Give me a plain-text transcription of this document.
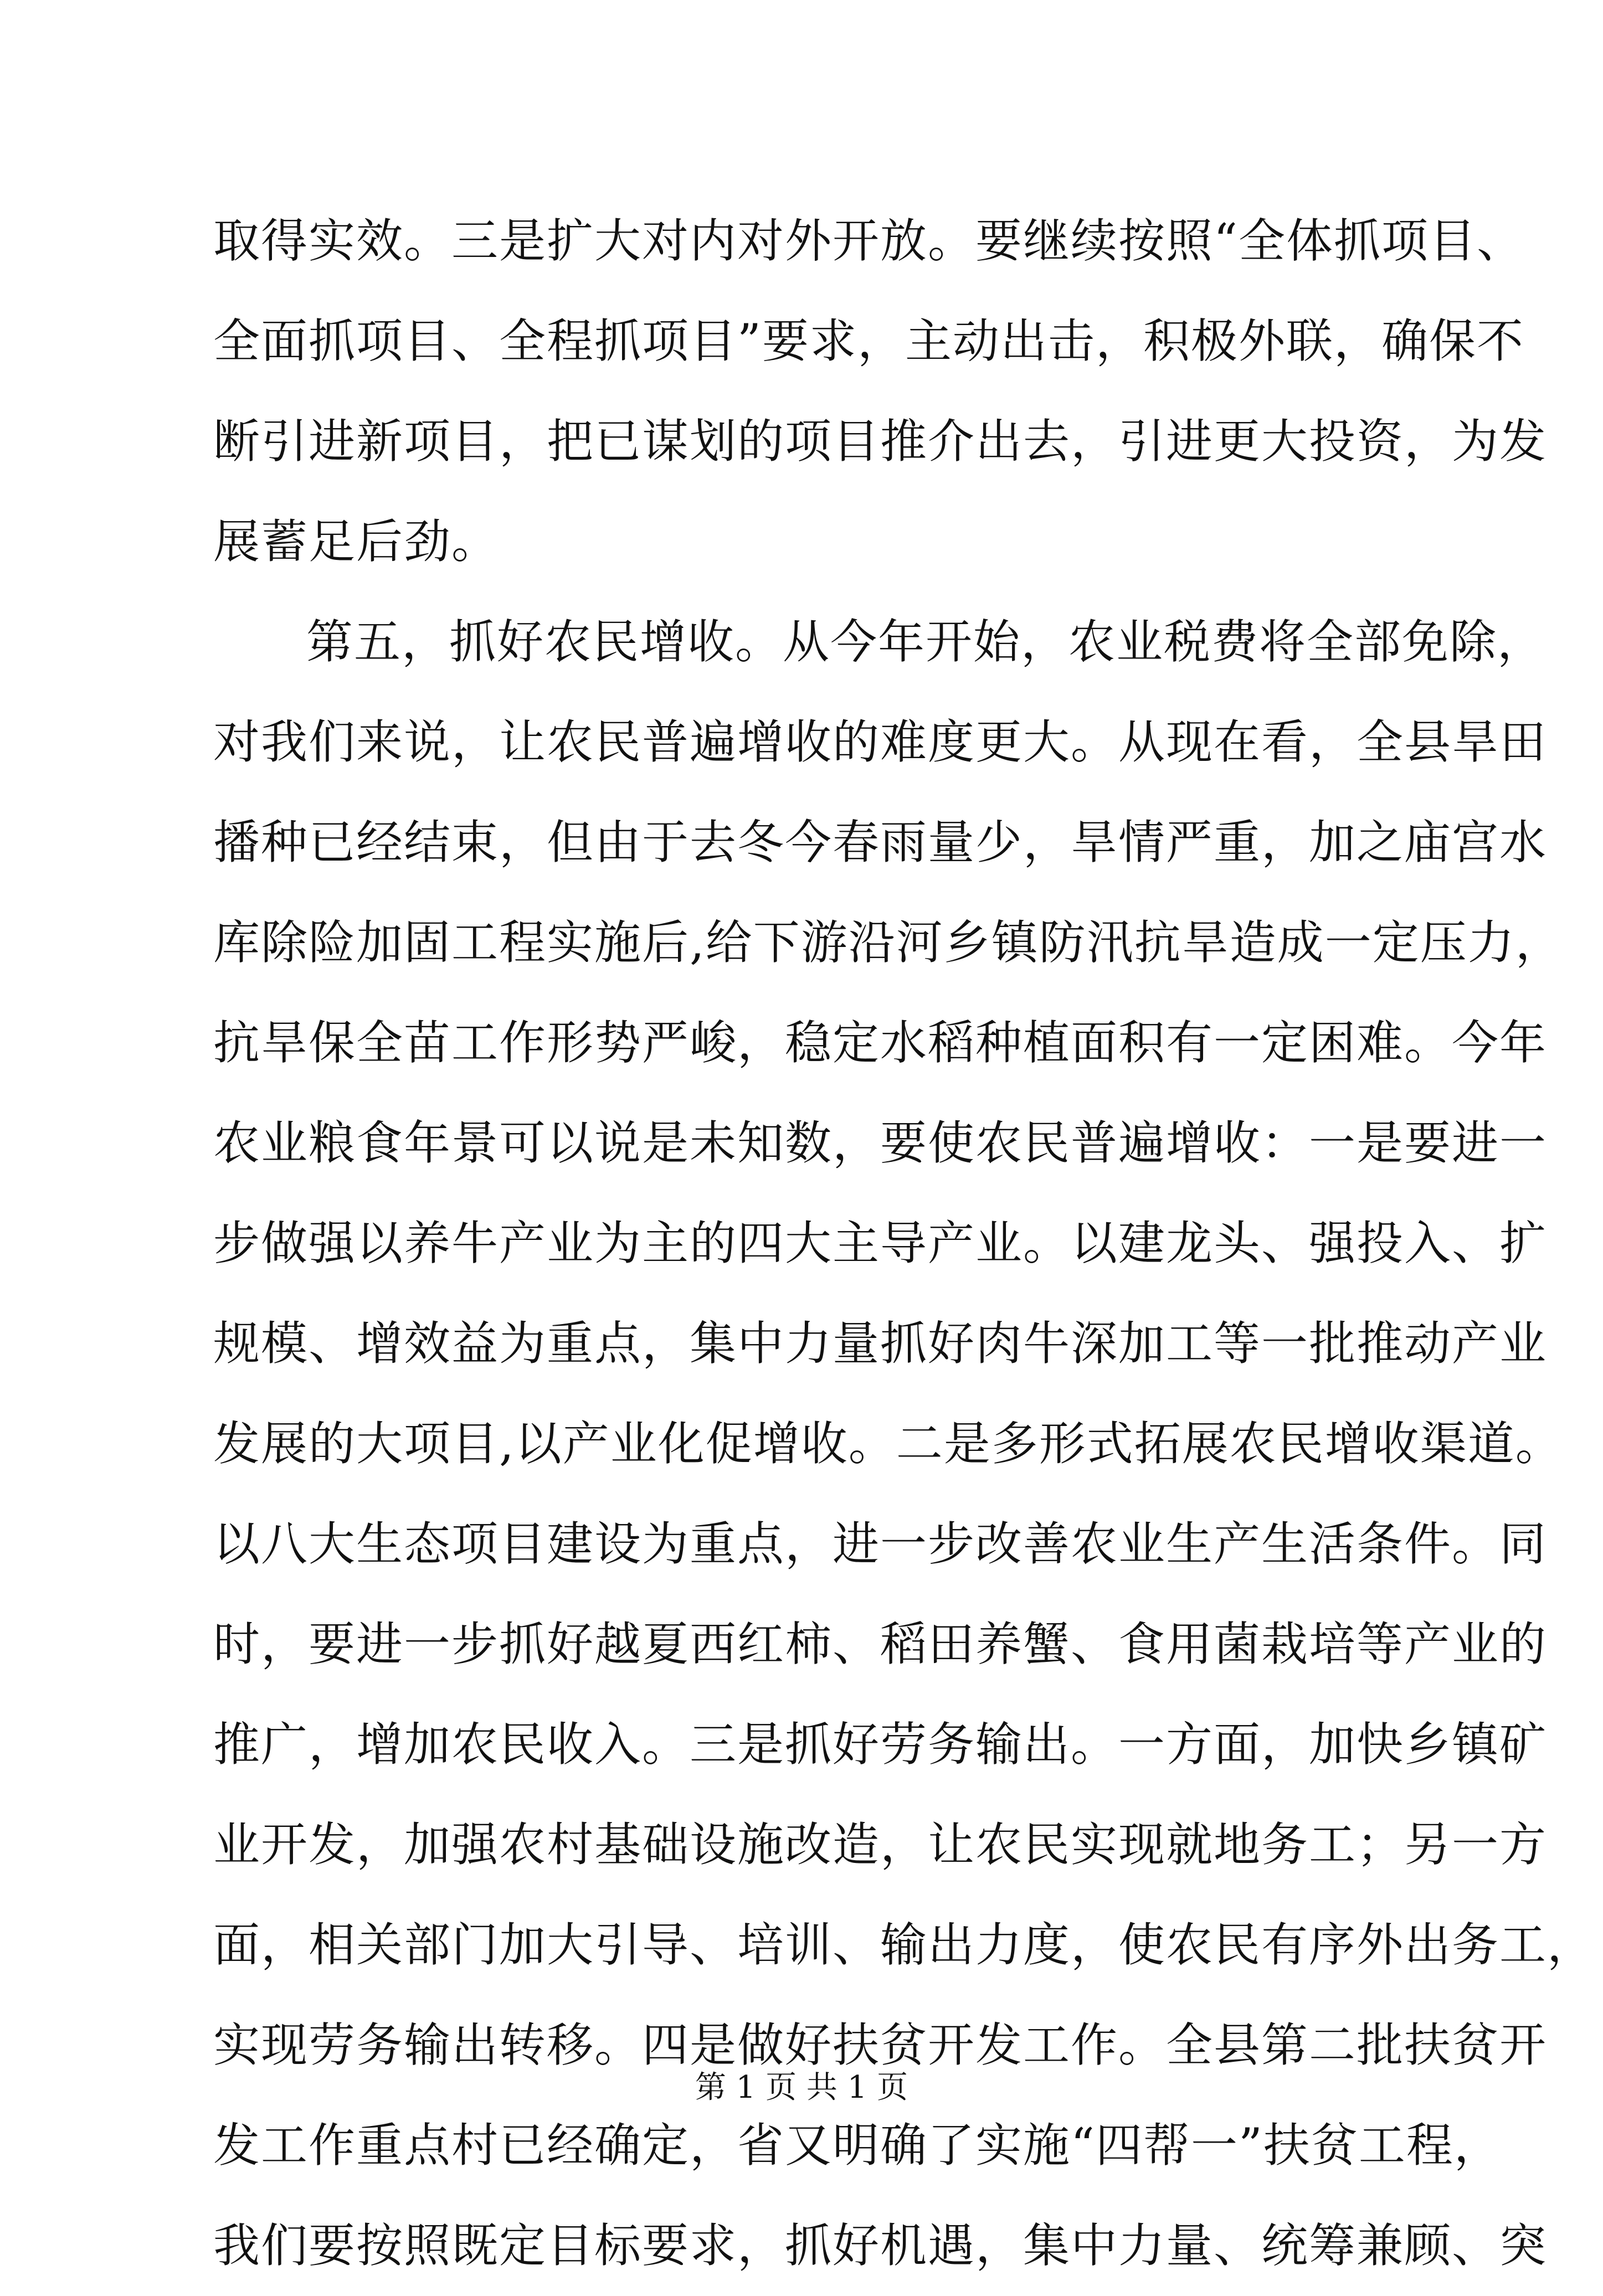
取得实效。三是扩大对内对外开放。要继续按照“全体抓项目、
全面抓项目、全程抓项目”要求，主动出击，积极外联，确保不
断引进新项目，把已谋划的项目推介出去，引进更大投资，为发
展蓄足后劲。
第五，抓好农民增收。从今年开始，农业税费将全部免除，
对我们来说，让农民普遍增收的难度更大。从现在看，全县旱田
播种已经结束，但由于去冬今春雨量少，旱情严重，加之庙宫水
库除险加固工程实施后,给下游沿河乡镇防汛抗旱造成一定压力，
抗旱保全苗工作形势严峻，稳定水稻种植面积有一定困难。今年
农业粮食年景可以说是未知数，要使农民普遍增收：一是要进一
步做强以养牛产业为主的四大主导产业。以建龙头、强投入、扩
规模、增效益为重点，集中力量抓好肉牛深加工等一批推动产业
发展的大项目,以产业化促增收。二是多形式拓展农民增收渠道。
以八大生态项目建设为重点，进一步改善农业生产生活条件。同
时，要进一步抓好越夏西红柿、稻田养蟹、食用菌栽培等产业的
推广，增加农民收入。三是抓好劳务输出。一方面，加快乡镇矿
业开发，加强农村基础设施改造，让农民实现就地务工；另一方
面，相关部门加大引导、培训、输出力度，使农民有序外出务工，
实现劳务输出转移。四是做好扶贫开发工作。全县第二批扶贫开
发工作重点村已经确定，省又明确了实施“四帮一”扶贫工程，
我们要按照既定目标要求，抓好机遇，集中力量、统筹兼顾、突
第 1 页 共 1 页
